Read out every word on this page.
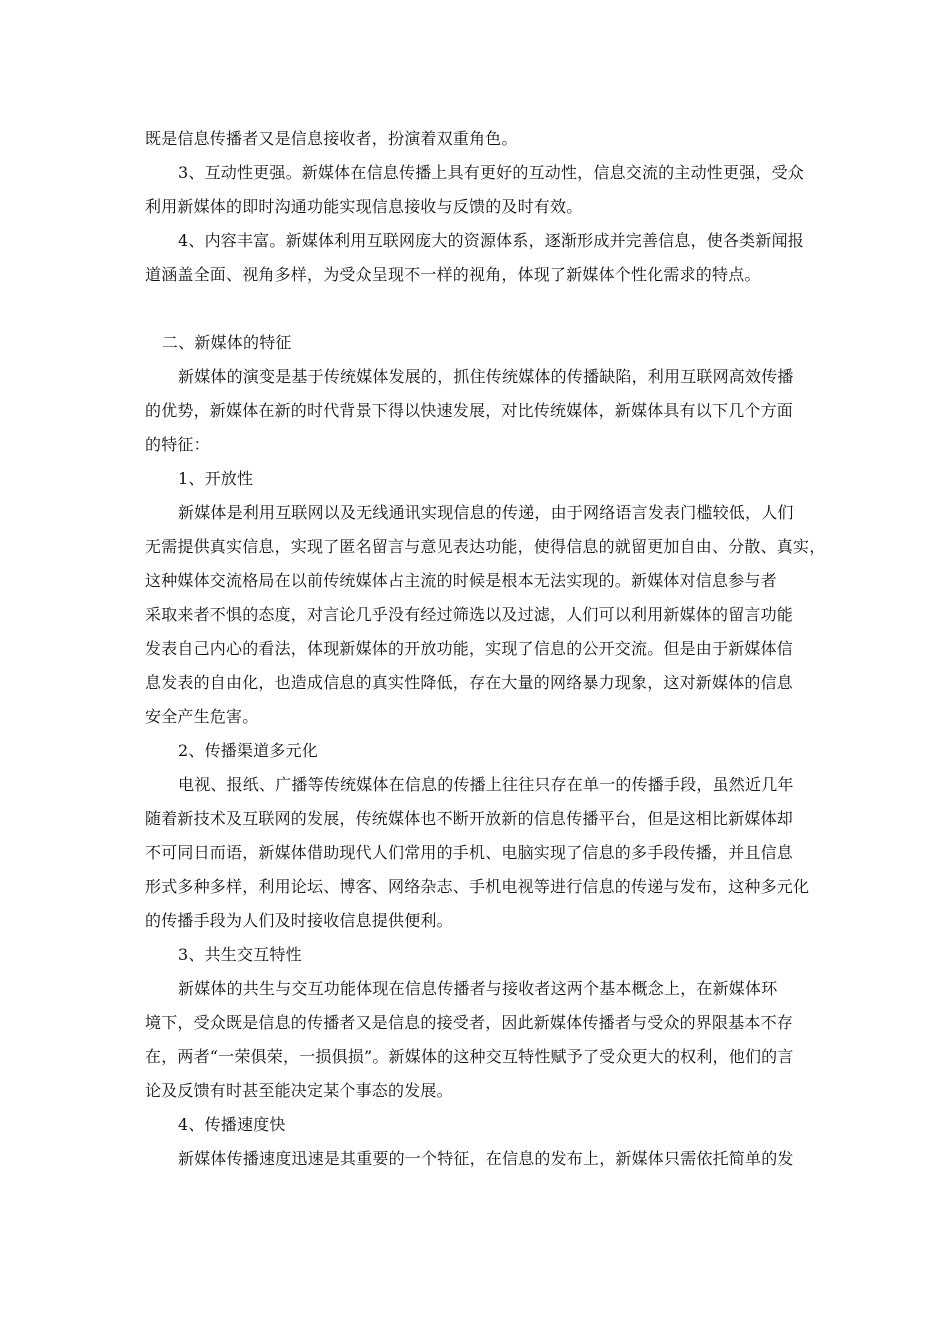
既是信息传播者又是信息接收者，扮演着双重角色。
3、互动性更强。新媒体在信息传播上具有更好的互动性，信息交流的主动性更强，受众
利用新媒体的即时沟通功能实现信息接收与反馈的及时有效。
4、内容丰富。新媒体利用互联网庞大的资源体系，逐渐形成并完善信息，使各类新闻报
道涵盖全面、视角多样，为受众呈现不一样的视角，体现了新媒体个性化需求的特点。
二、新媒体的特征
新媒体的演变是基于传统媒体发展的，抓住传统媒体的传播缺陷，利用互联网高效传播
的优势，新媒体在新的时代背景下得以快速发展，对比传统媒体，新媒体具有以下几个方面
的特征：
1、开放性
新媒体是利用互联网以及无线通讯实现信息的传递，由于网络语言发表门槛较低，人们
无需提供真实信息，实现了匿名留言与意见表达功能，使得信息的就留更加自由、分散、真实，
这种媒体交流格局在以前传统媒体占主流的时候是根本无法实现的。新媒体对信息参与者
采取来者不惧的态度，对言论几乎没有经过筛选以及过滤，人们可以利用新媒体的留言功能
发表自己内心的看法，体现新媒体的开放功能，实现了信息的公开交流。但是由于新媒体信
息发表的自由化，也造成信息的真实性降低，存在大量的网络暴力现象，这对新媒体的信息
安全产生危害。
2、传播渠道多元化
电视、报纸、广播等传统媒体在信息的传播上往往只存在单一的传播手段，虽然近几年
随着新技术及互联网的发展，传统媒体也不断开放新的信息传播平台，但是这相比新媒体却
不可同日而语，新媒体借助现代人们常用的手机、电脑实现了信息的多手段传播，并且信息
形式多种多样，利用论坛、博客、网络杂志、手机电视等进行信息的传递与发布，这种多元化
的传播手段为人们及时接收信息提供便利。
3、共生交互特性
新媒体的共生与交互功能体现在信息传播者与接收者这两个基本概念上，在新媒体环
境下，受众既是信息的传播者又是信息的接受者，因此新媒体传播者与受众的界限基本不存
在，两者“一荣俱荣，一损俱损”。新媒体的这种交互特性赋予了受众更大的权利，他们的言
论及反馈有时甚至能决定某个事态的发展。
4、传播速度快
新媒体传播速度迅速是其重要的一个特征，在信息的发布上，新媒体只需依托简单的发
